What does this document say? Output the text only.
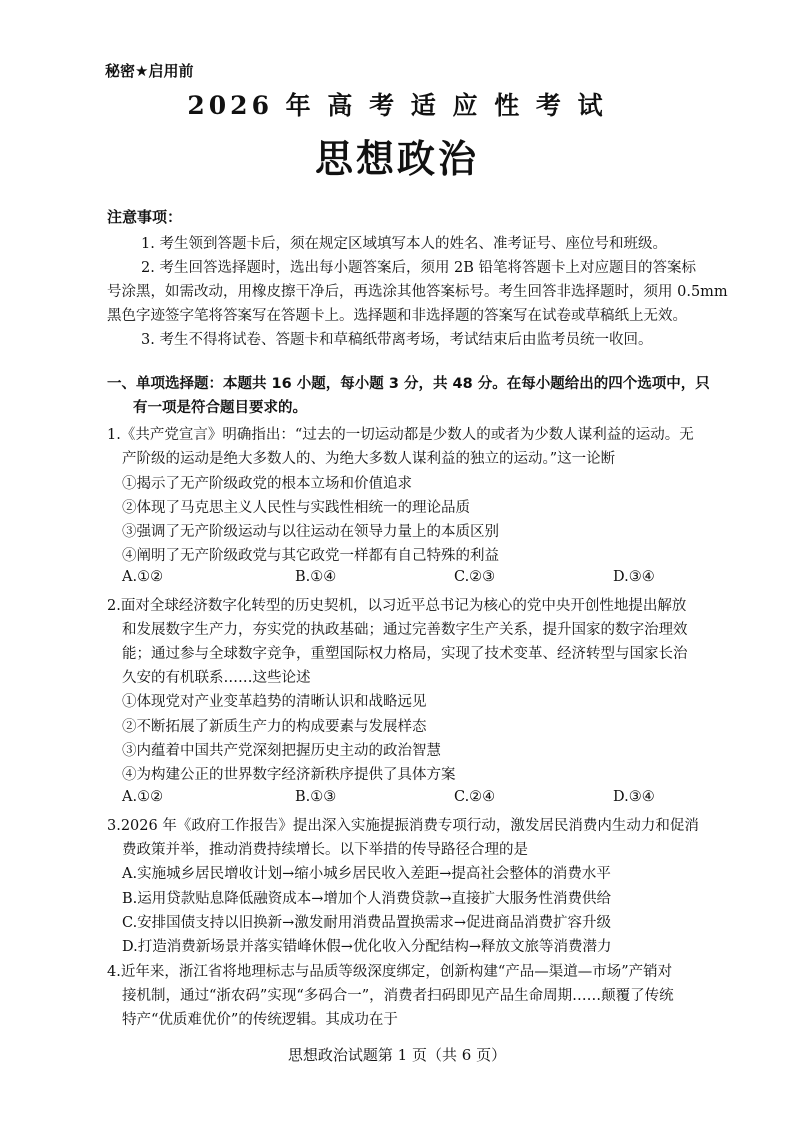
秘密★启用前
2026 年 高 考 适 应 性 考 试
思想政治
注意事项：
1. 考生领到答题卡后，须在规定区域填写本人的姓名、准考证号、座位号和班级。
2. 考生回答选择题时，选出每小题答案后，须用 2B 铅笔将答题卡上对应题目的答案标
号涂黑，如需改动，用橡皮擦干净后，再选涂其他答案标号。考生回答非选择题时，须用 0.5mm
黑色字迹签字笔将答案写在答题卡上。选择题和非选择题的答案写在试卷或草稿纸上无效。
3. 考生不得将试卷、答题卡和草稿纸带离考场，考试结束后由监考员统一收回。
一、单项选择题：本题共 16 小题，每小题 3 分，共 48 分。在每小题给出的四个选项中，只
有一项是符合题目要求的。
1.《共产党宣言》明确指出：“过去的一切运动都是少数人的或者为少数人谋利益的运动。无
产阶级的运动是绝大多数人的、为绝大多数人谋利益的独立的运动。”这一论断
①揭示了无产阶级政党的根本立场和价值追求
②体现了马克思主义人民性与实践性相统一的理论品质
③强调了无产阶级运动与以往运动在领导力量上的本质区别
④阐明了无产阶级政党与其它政党一样都有自己特殊的利益
A.①②	B.①④	C.②③	D.③④
2.面对全球经济数字化转型的历史契机，以习近平总书记为核心的党中央开创性地提出解放
和发展数字生产力，夯实党的执政基础；通过完善数字生产关系，提升国家的数字治理效
能；通过参与全球数字竞争，重塑国际权力格局，实现了技术变革、经济转型与国家长治
久安的有机联系……这些论述
①体现党对产业变革趋势的清晰认识和战略远见
②不断拓展了新质生产力的构成要素与发展样态
③内蕴着中国共产党深刻把握历史主动的政治智慧
④为构建公正的世界数字经济新秩序提供了具体方案
A.①②	B.①③	C.②④	D.③④
3.2026 年《政府工作报告》提出深入实施提振消费专项行动，激发居民消费内生动力和促消
费政策并举，推动消费持续增长。以下举措的传导路径合理的是
A.实施城乡居民增收计划→缩小城乡居民收入差距→提高社会整体的消费水平
B.运用贷款贴息降低融资成本→增加个人消费贷款→直接扩大服务性消费供给
C.安排国债支持以旧换新→激发耐用消费品置换需求→促进商品消费扩容升级
D.打造消费新场景并落实错峰休假→优化收入分配结构→释放文旅等消费潜力
4.近年来，浙江省将地理标志与品质等级深度绑定，创新构建“产品—渠道—市场”产销对
接机制，通过“浙农码”实现“多码合一”，消费者扫码即见产品生命周期……颠覆了传统
特产“优质难优价”的传统逻辑。其成功在于
思想政治试题第 1 页（共 6 页）
